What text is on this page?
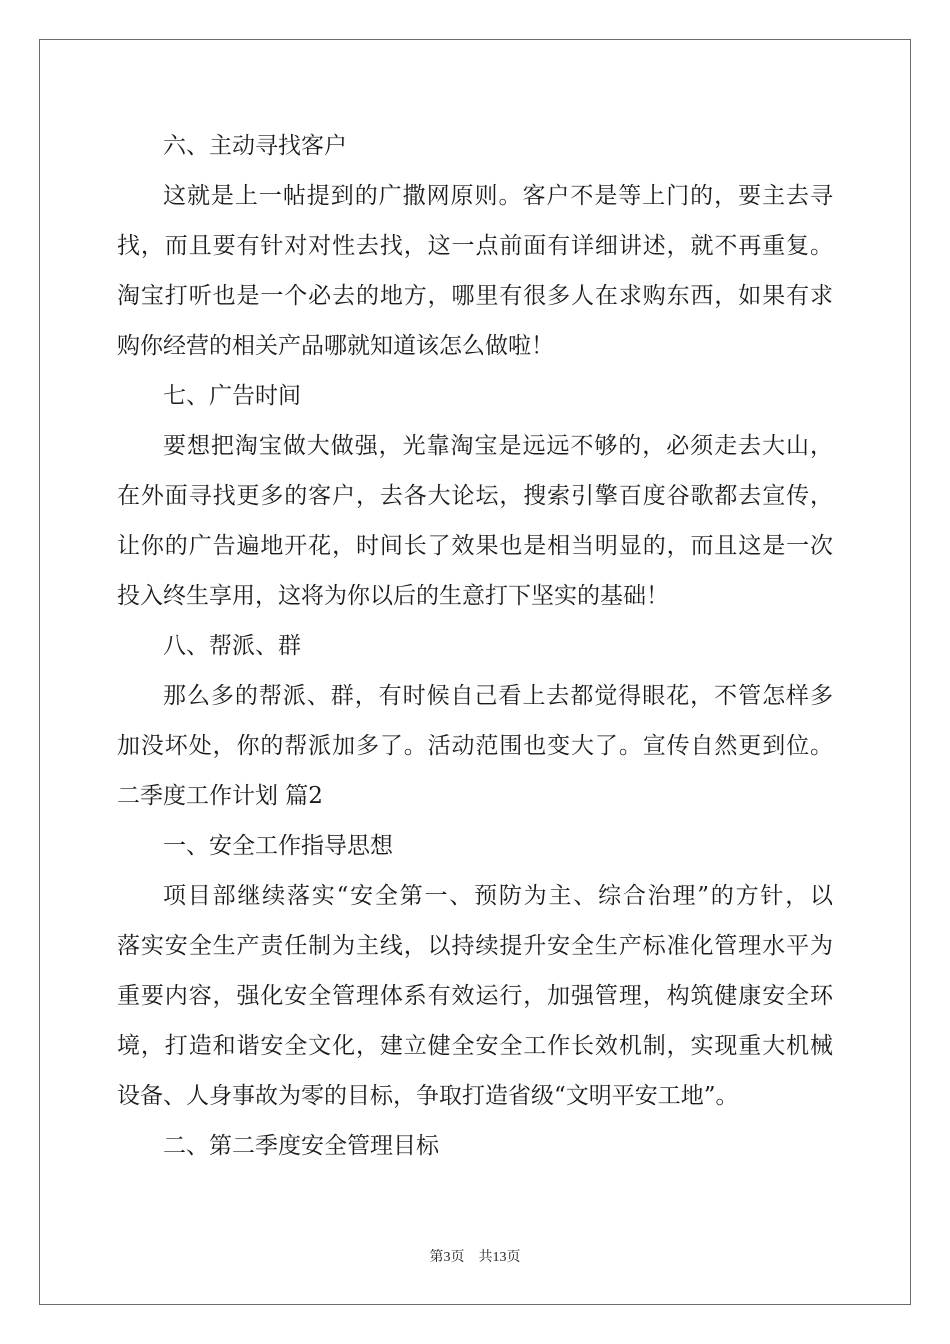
六、主动寻找客户
这就是上一帖提到的广撒网原则。客户不是等上门的，要主去寻
找，而且要有针对对性去找，这一点前面有详细讲述，就不再重复。
淘宝打听也是一个必去的地方，哪里有很多人在求购东西，如果有求
购你经营的相关产品哪就知道该怎么做啦！
七、广告时间
要想把淘宝做大做强，光靠淘宝是远远不够的，必须走去大山，
在外面寻找更多的客户，去各大论坛，搜索引擎百度谷歌都去宣传，
让你的广告遍地开花，时间长了效果也是相当明显的，而且这是一次
投入终生享用，这将为你以后的生意打下坚实的基础！
八、帮派、群
那么多的帮派、群，有时候自己看上去都觉得眼花，不管怎样多
加没坏处，你的帮派加多了。活动范围也变大了。宣传自然更到位。
二季度工作计划 篇2
一、安全工作指导思想
项目部继续落实“安全第一、预防为主、综合治理”的方针，以
落实安全生产责任制为主线，以持续提升安全生产标准化管理水平为
重要内容，强化安全管理体系有效运行，加强管理，构筑健康安全环
境，打造和谐安全文化，建立健全安全工作长效机制，实现重大机械
设备、人身事故为零的目标，争取打造省级“文明平安工地”。
二、第二季度安全管理目标
第3页 共13页
